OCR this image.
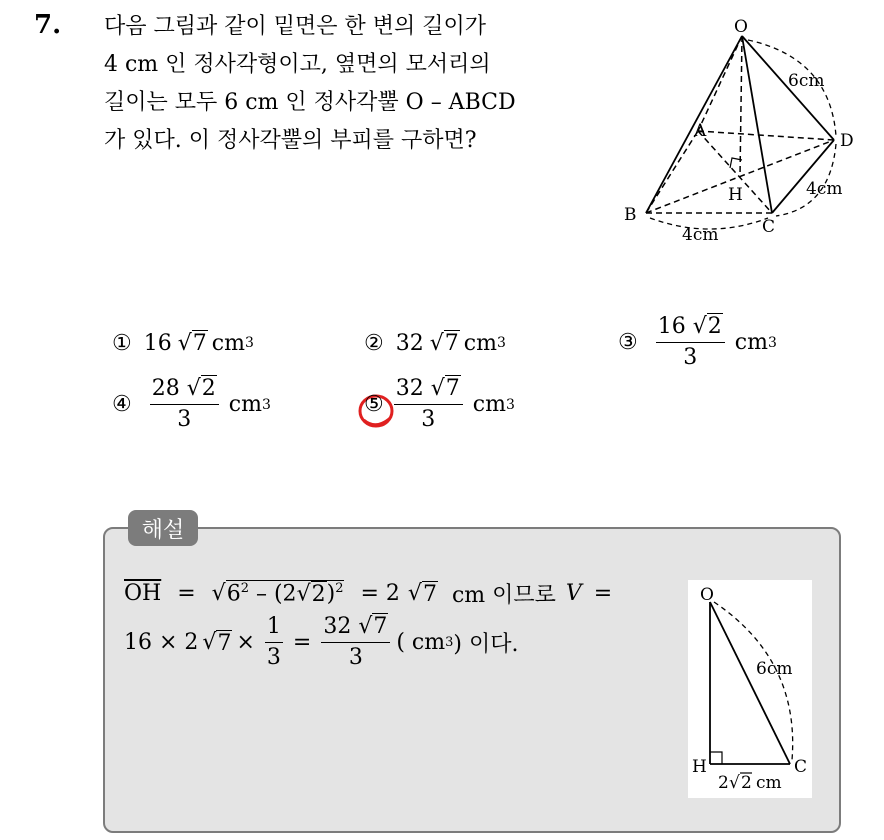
7. 다음 그림과 같이 밑면은 한 변의 길이가
4 cm 인 정사각형이고, 옆면의 모서리의
길이는 모두 6 cm 인 정사각뿔 O – ABCD
가 있다. 이 정사각뿔의 부피를 구하면?
O
A
B
C
D
H
6cm
4cm
4cm
① 16 √ 7 cm 3	② 32 √ 7 cm 3	③ $\frac{16 √2}{3}$ cm 3
④ $\frac{28 √2}{3}$ cm 3	⑤ $\frac{32 √7}{3}$ cm 3
해설
$\overline{OH}$ = √ $6^2 - (2√2)^2 = 2$ √ 7 cm 이므로 V =
16 × 2 √ $7 \times \frac{1}{3} = \frac{32 √7}{3}$ ( cm 3 ) 이다.
O
H	C
6cm
2 √ 2 cm
